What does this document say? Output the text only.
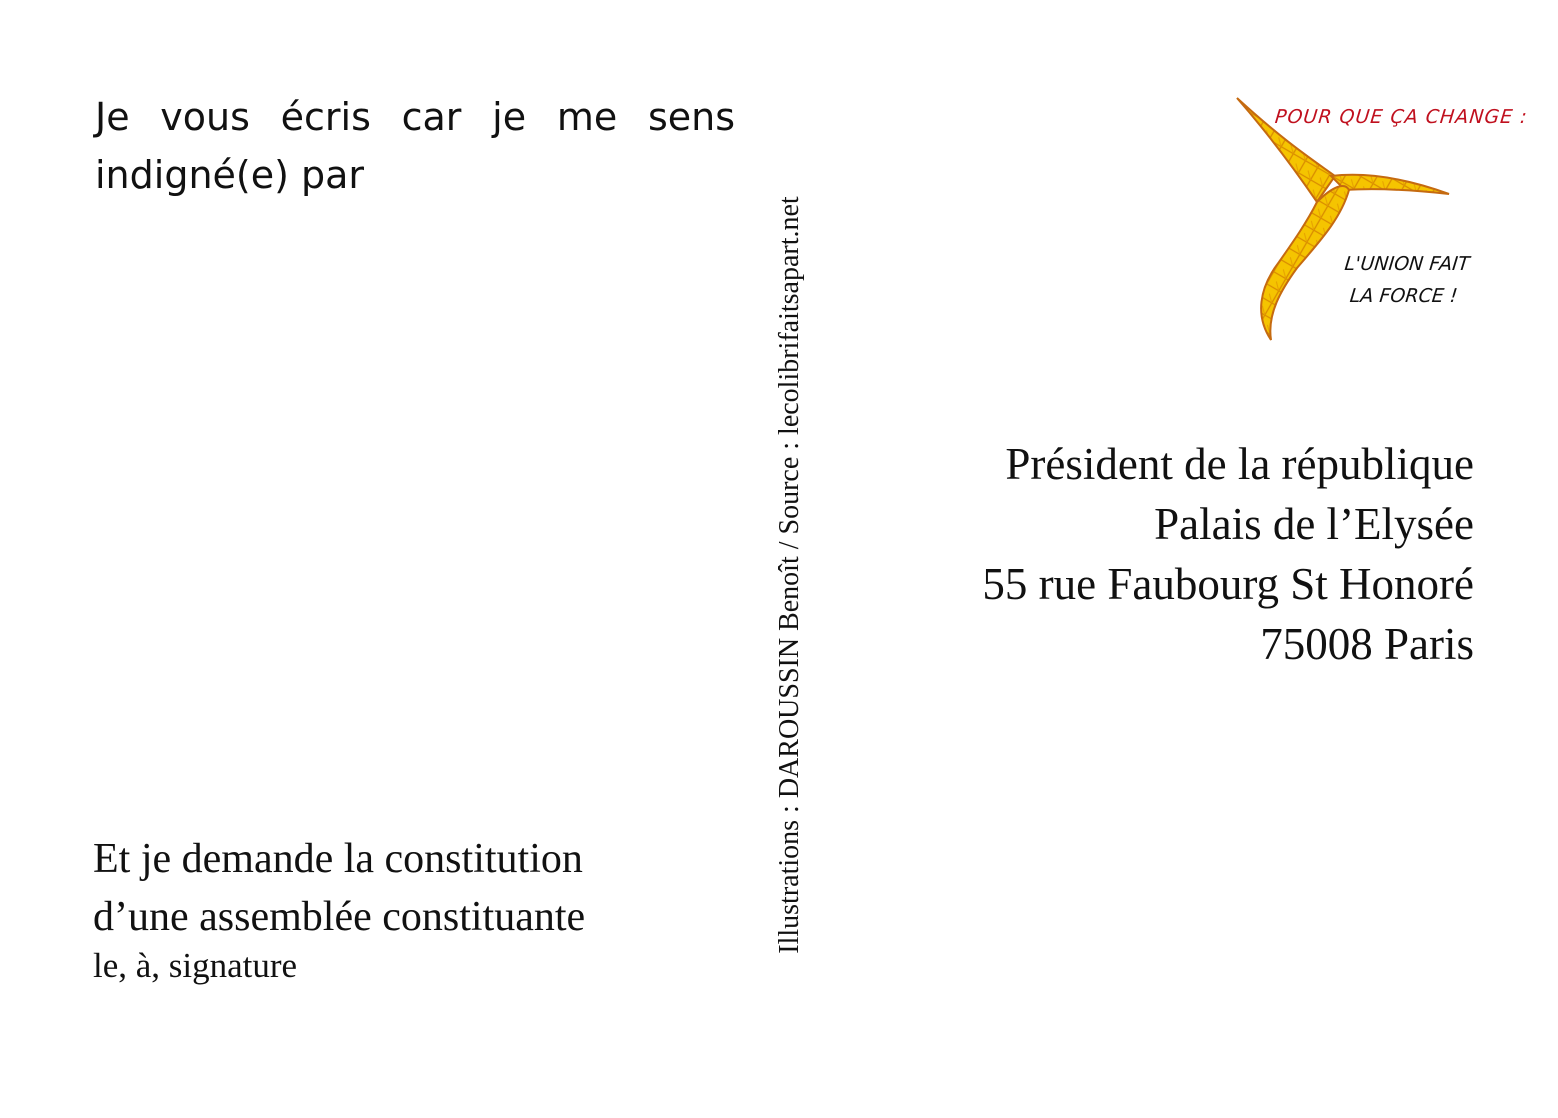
Je vous écris car je me sens indigné(e) par

Et je demande la constitution
d’une assemblée constituante
le, à, signature
Illustrations : DAROUSSIN Benoît / Source : lecolibrifaitsapart.net
POUR QUE ÇA CHANGE :
L'UNION FAIT
LA FORCE !
Président de la république
Palais de l’Elysée
55 rue Faubourg St Honoré
75008 Paris
